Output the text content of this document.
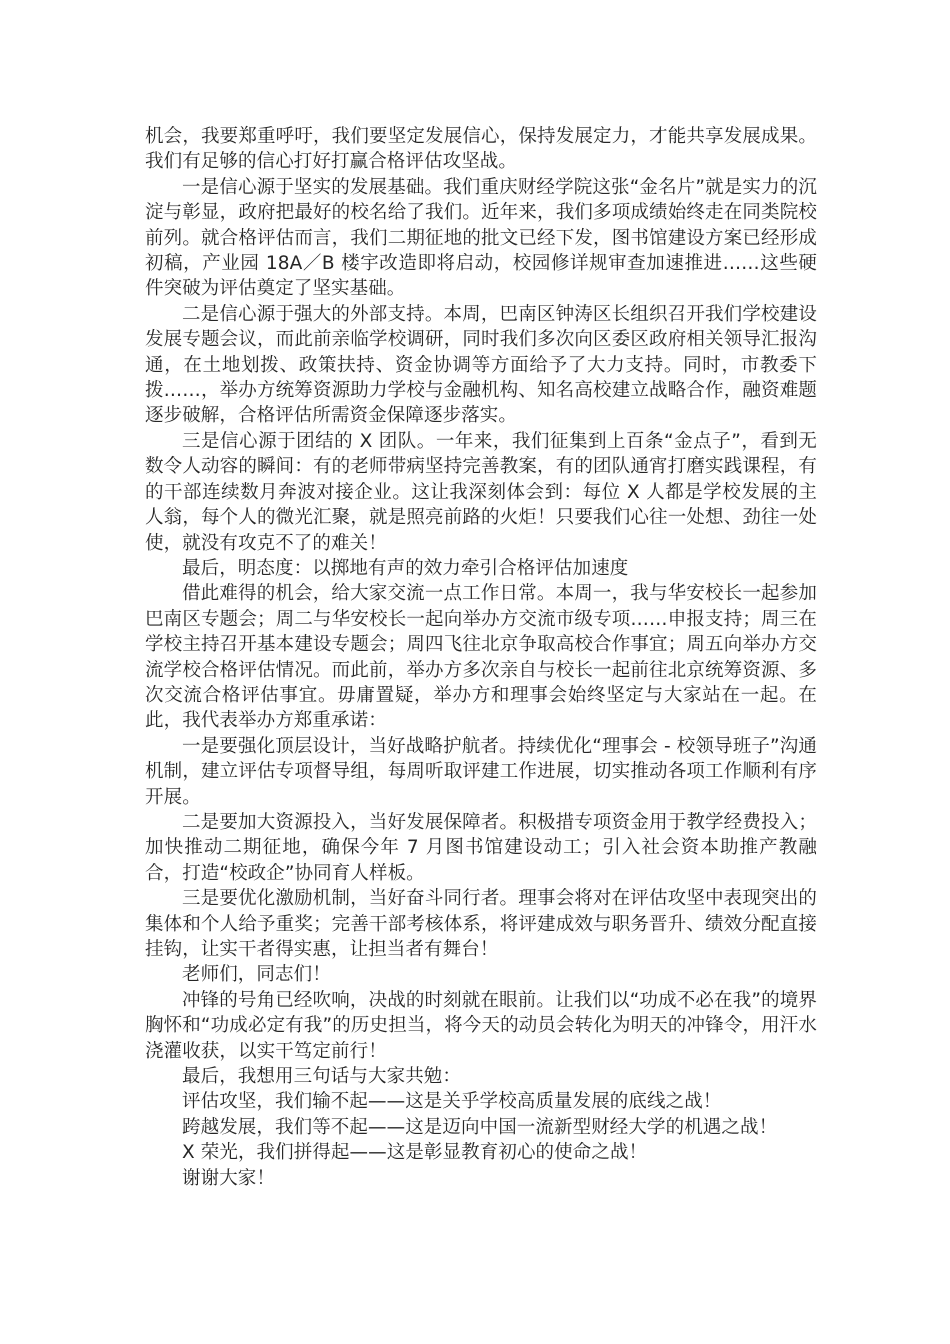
机会，我要郑重呼吁，我们要坚定发展信心，保持发展定力，才能共享发展成果。我们有足够的信心打好打赢合格评估攻坚战。

一是信心源于坚实的发展基础。我们重庆财经学院这张“金名片”就是实力的沉淀与彰显，政府把最好的校名给了我们。近年来，我们多项成绩始终走在同类院校前列。就合格评估而言，我们二期征地的批文已经下发，图书馆建设方案已经形成初稿，产业园 18A／B 楼宇改造即将启动，校园修详规审查加速推进……这些硬件突破为评估奠定了坚实基础。

二是信心源于强大的外部支持。本周，巴南区钟涛区长组织召开我们学校建设发展专题会议，而此前亲临学校调研，同时我们多次向区委区政府相关领导汇报沟通，在土地划拨、政策扶持、资金协调等方面给予了大力支持。同时，市教委下拨……，举办方统筹资源助力学校与金融机构、知名高校建立战略合作，融资难题逐步破解，合格评估所需资金保障逐步落实。

三是信心源于团结的 X 团队。一年来，我们征集到上百条“金点子”，看到无数令人动容的瞬间：有的老师带病坚持完善教案，有的团队通宵打磨实践课程，有的干部连续数月奔波对接企业。这让我深刻体会到：每位 X 人都是学校发展的主人翁，每个人的微光汇聚，就是照亮前路的火炬！只要我们心往一处想、劲往一处使，就没有攻克不了的难关！

最后，明态度：以掷地有声的效力牵引合格评估加速度

借此难得的机会，给大家交流一点工作日常。本周一，我与华安校长一起参加巴南区专题会；周二与华安校长一起向举办方交流市级专项……申报支持；周三在学校主持召开基本建设专题会；周四飞往北京争取高校合作事宜；周五向举办方交流学校合格评估情况。而此前，举办方多次亲自与校长一起前往北京统筹资源、多次交流合格评估事宜。毋庸置疑，举办方和理事会始终坚定与大家站在一起。在此，我代表举办方郑重承诺：

一是要强化顶层设计，当好战略护航者。持续优化“理事会 - 校领导班子”沟通机制，建立评估专项督导组，每周听取评建工作进展，切实推动各项工作顺利有序开展。

二是要加大资源投入，当好发展保障者。积极措专项资金用于教学经费投入；加快推动二期征地，确保今年 7 月图书馆建设动工；引入社会资本助推产教融合，打造“校政企”协同育人样板。

三是要优化激励机制，当好奋斗同行者。理事会将对在评估攻坚中表现突出的集体和个人给予重奖；完善干部考核体系，将评建成效与职务晋升、绩效分配直接挂钩，让实干者得实惠，让担当者有舞台！

老师们，同志们！

冲锋的号角已经吹响，决战的时刻就在眼前。让我们以“功成不必在我”的境界胸怀和“功成必定有我”的历史担当，将今天的动员会转化为明天的冲锋令，用汗水浇灌收获，以实干笃定前行！

最后，我想用三句话与大家共勉：

评估攻坚，我们输不起——这是关乎学校高质量发展的底线之战！

跨越发展，我们等不起——这是迈向中国一流新型财经大学的机遇之战！

X 荣光，我们拼得起——这是彰显教育初心的使命之战！

谢谢大家！
